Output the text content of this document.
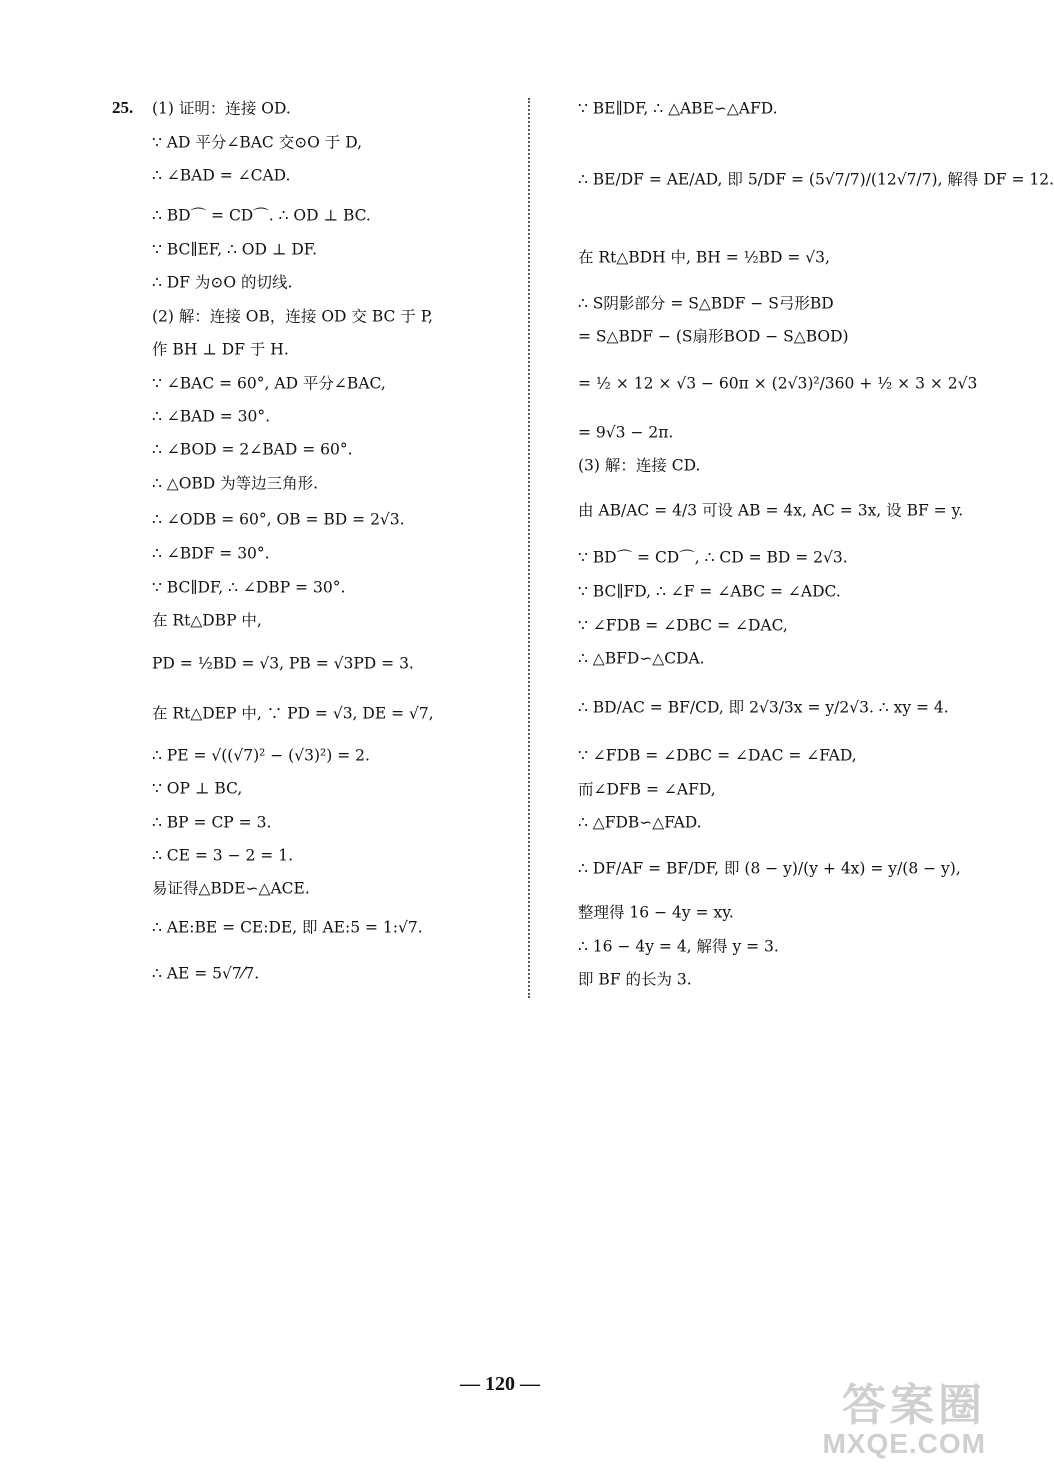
25. (1) 证明：连接 OD.
∵ AD 平分∠BAC 交⊙O 于 D,
∴ ∠BAD = ∠CAD.
∴ BD⌒ = CD⌒. ∴ OD ⊥ BC.
∵ BC∥EF, ∴ OD ⊥ DF.
∴ DF 为⊙O 的切线.
(2) 解：连接 OB，连接 OD 交 BC 于 P,
作 BH ⊥ DF 于 H.
∵ ∠BAC = 60°, AD 平分∠BAC,
∴ ∠BAD = 30°.
∴ ∠BOD = 2∠BAD = 60°.
∴ △OBD 为等边三角形.
∴ ∠ODB = 60°, OB = BD = 2√3.
∴ ∠BDF = 30°.
∵ BC∥DF, ∴ ∠DBP = 30°.
在 Rt△DBP 中,
PD = ½BD = √3, PB = √3PD = 3.
在 Rt△DEP 中, ∵ PD = √3, DE = √7,
∴ PE = √((√7)² − (√3)²) = 2.
∵ OP ⊥ BC,
∴ BP = CP = 3.
∴ CE = 3 − 2 = 1.
易证得△BDE∽△ACE.
∴ AE:BE = CE:DE, 即 AE:5 = 1:√7.
∴ AE = 5√7⁄7.
∵ BE∥DF, ∴ △ABE∽△AFD.
∴ BE/DF = AE/AD, 即 5/DF = (5√7/7)/(12√7/7), 解得 DF = 12.
在 Rt△BDH 中, BH = ½BD = √3,
∴ S阴影部分 = S△BDF − S弓形BD
= S△BDF − (S扇形BOD − S△BOD)
= ½ × 12 × √3 − 60π × (2√3)²/360 + ½ × 3 × 2√3
= 9√3 − 2π.
(3) 解：连接 CD.
由 AB/AC = 4/3 可设 AB = 4x, AC = 3x, 设 BF = y.
∵ BD⌒ = CD⌒, ∴ CD = BD = 2√3.
∵ BC∥FD, ∴ ∠F = ∠ABC = ∠ADC.
∵ ∠FDB = ∠DBC = ∠DAC,
∴ △BFD∽△CDA.
∴ BD/AC = BF/CD, 即 2√3/3x = y/2√3. ∴ xy = 4.
∵ ∠FDB = ∠DBC = ∠DAC = ∠FAD,
而∠DFB = ∠AFD,
∴ △FDB∽△FAD.
∴ DF/AF = BF/DF, 即 (8 − y)/(y + 4x) = y/(8 − y),
整理得 16 − 4y = xy.
∴ 16 − 4y = 4, 解得 y = 3.
即 BF 的长为 3.
— 120 —	答案圈
MXQE.COM
